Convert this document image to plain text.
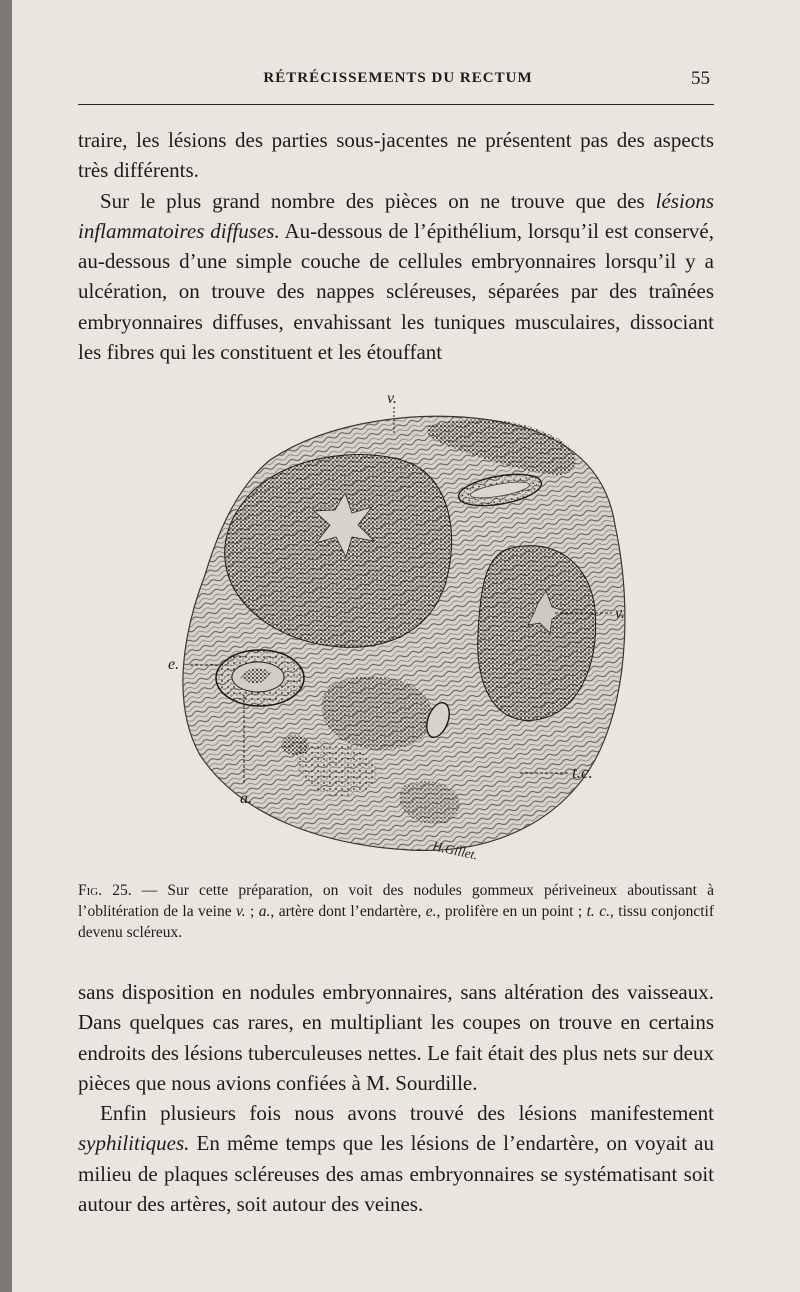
RÉTRÉCISSEMENTS DU RECTUM	55

traire, les lésions des parties sous-jacentes ne présentent pas des aspects très différents.

Sur le plus grand nombre des pièces on ne trouve que des lésions inflammatoires diffuses. Au-dessous de l’épithélium, lorsqu’il est conservé, au-dessous d’une simple couche de cellules embryonnaires lorsqu’il y a ulcération, on trouve des nappes scléreuses, séparées par des traînées embryonnaires diffuses, envahissant les tuniques musculaires, dissociant les fibres qui les constituent et les étouffant

v.
v.
e.
a.
t.c.
H.Gillet.
Fig. 25. — Sur cette préparation, on voit des nodules gommeux périveineux aboutissant à l’oblitération de la veine v. ; a., artère dont l’endartère, e., prolifère en un point ; t. c., tissu conjonctif devenu scléreux.

sans disposition en nodules embryonnaires, sans altération des vaisseaux. Dans quelques cas rares, en multipliant les coupes on trouve en certains endroits des lésions tuberculeuses nettes. Le fait était des plus nets sur deux pièces que nous avions confiées à M. Sourdille.

Enfin plusieurs fois nous avons trouvé des lésions manifestement syphilitiques. En même temps que les lésions de l’endartère, on voyait au milieu de plaques scléreuses des amas embryonnaires se systématisant soit autour des artères, soit autour des veines.
